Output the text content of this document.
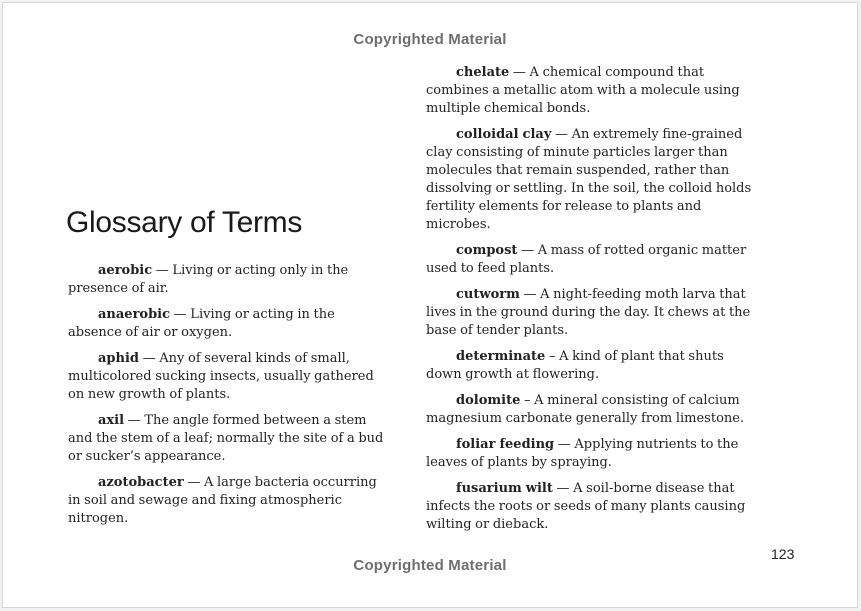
Copyrighted Material
Glossary of Terms

aerobic — Living or acting only in the presence of air.

anaerobic — Living or acting in the absence of air or oxygen.

aphid — Any of several kinds of small, multicolored sucking insects, usually gathered on new growth of plants.

axil — The angle formed between a stem and the stem of a leaf; normally the site of a bud or sucker’s appearance.

azotobacter — A large bacteria occurring in soil and sewage and fixing atmospheric nitrogen.

chelate — A chemical compound that combines a metallic atom with a molecule using multiple chemical bonds.

colloidal clay — An extremely fine-grained clay consisting of minute particles larger than molecules that remain suspended, rather than dissolving or settling. In the soil, the colloid holds fertility elements for release to plants and microbes.

compost — A mass of rotted organic matter used to feed plants.

cutworm — A night-feeding moth larva that lives in the ground during the day. It chews at the base of tender plants.

determinate – A kind of plant that shuts down growth at flowering.

dolomite – A mineral consisting of calcium magnesium carbonate generally from limestone.

foliar feeding — Applying nutrients to the leaves of plants by spraying.

fusarium wilt — A soil-borne disease that infects the roots or seeds of many plants causing wilting or dieback.

123
Copyrighted Material
